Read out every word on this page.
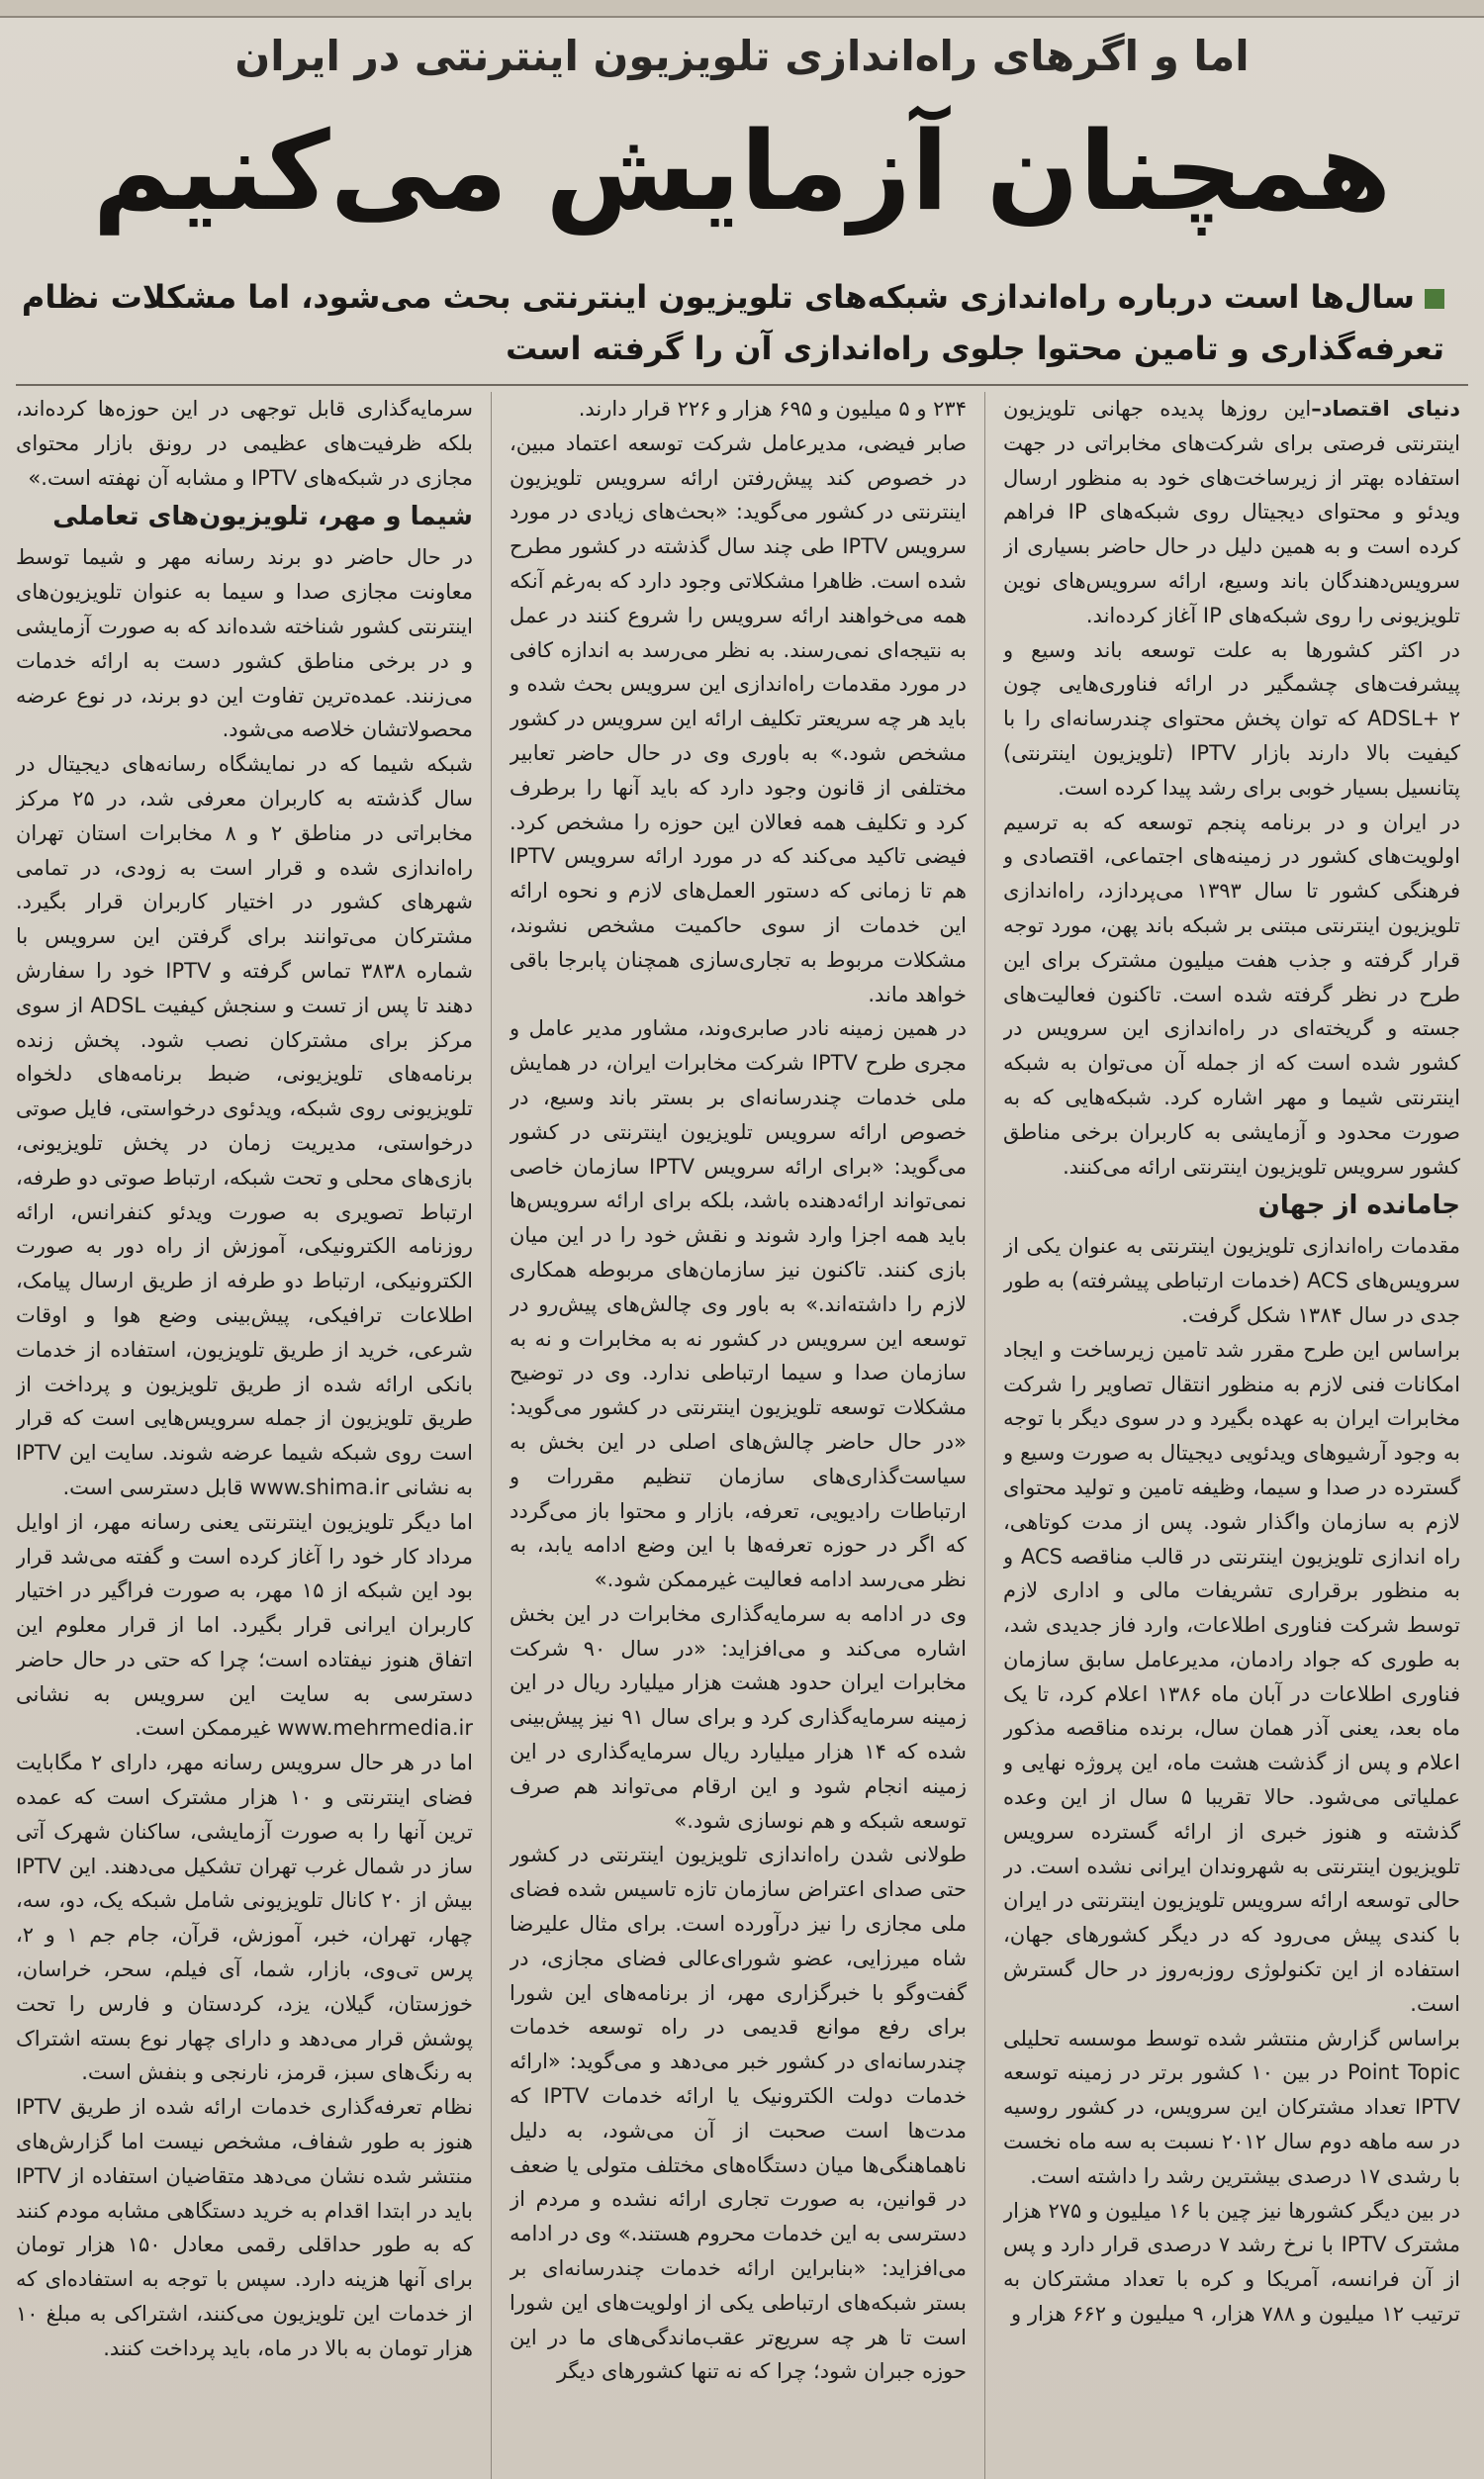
اما و اگرهای راه‌اندازی تلویزیون اینترنتی در ایران
همچنان آزمایش می‌کنیم
سال‌ها است درباره راه‌اندازی شبکه‌های تلویزیون اینترنتی بحث می‌شود، اما مشکلات نظام تعرفه‌گذاری و تامین محتوا جلوی راه‌اندازی آن را گرفته است

دنیای اقتصاد–این روزها پدیده جهانی تلویزیون اینترنتی فرصتی برای شرکت‌های مخابراتی در جهت استفاده بهتر از زیرساخت‌های خود به منظور ارسال ویدئو و محتوای دیجیتال روی شبکه‌های IP فراهم کرده است و به همین دلیل در حال حاضر بسیاری از سرویس‌دهندگان باند وسیع، ارائه سرویس‌های نوین تلویزیونی را روی شبکه‌های IP آغاز کرده‌اند.

در اکثر کشورها به علت توسعه باند وسیع و پیشرفت‌های چشمگیر در ارائه فناوری‌هایی چون ADSL+ ۲ که توان پخش محتوای چندرسانه‌ای را با کیفیت بالا دارند بازار IPTV (تلویزیون اینترنتی) پتانسیل بسیار خوبی برای رشد پیدا کرده است.

در ایران و در برنامه پنجم توسعه که به ترسیم اولویت‌های کشور در زمینه‌های اجتماعی، اقتصادی و فرهنگی کشور تا سال ۱۳۹۳ می‌پردازد، راه‌اندازی تلویزیون اینترنتی مبتنی بر شبکه باند پهن، مورد توجه قرار گرفته و جذب هفت میلیون مشترک برای این طرح در نظر گرفته شده است. تاکنون فعالیت‌های جسته و گریخته‌ای در راه‌اندازی این سرویس در کشور شده است که از جمله آن می‌توان به شبکه اینترنتی شیما و مهر اشاره کرد. شبکه‌هایی که به صورت محدود و آزمایشی به کاربران برخی مناطق کشور سرویس تلویزیون اینترنتی ارائه می‌کنند.

جامانده از جهان

مقدمات راه‌اندازی تلویزیون اینترنتی به عنوان یکی از سرویس‌های ACS (خدمات ارتباطی پیشرفته) به طور جدی در سال ۱۳۸۴ شکل گرفت.

براساس این طرح مقرر شد تامین زیرساخت و ایجاد امکانات فنی لازم به منظور انتقال تصاویر را شرکت مخابرات ایران به عهده بگیرد و در سوی دیگر با توجه به وجود آرشیوهای ویدئویی دیجیتال به صورت وسیع و گسترده در صدا و سیما، وظیفه تامین و تولید محتوای لازم به سازمان واگذار شود. پس از مدت کوتاهی، راه اندازی تلویزیون اینترنتی در قالب مناقصه ACS و به منظور برقراری تشریفات مالی و اداری لازم توسط شرکت فناوری اطلاعات، وارد فاز جدیدی شد، به طوری که جواد رادمان، مدیرعامل سابق سازمان فناوری اطلاعات در آبان ماه ۱۳۸۶ اعلام کرد، تا یک ماه بعد، یعنی آذر همان سال، برنده مناقصه مذکور اعلام و پس از گذشت هشت ماه، این پروژه نهایی و عملیاتی می‌شود. حالا تقریبا ۵ سال از این وعده گذشته و هنوز خبری از ارائه گسترده سرویس تلویزیون اینترنتی به شهروندان ایرانی نشده است. در حالی توسعه ارائه سرویس تلویزیون اینترنتی در ایران با کندی پیش می‌رود که در دیگر کشورهای جهان، استفاده از این تکنولوژی روزبه‌روز در حال گسترش است.

براساس گزارش منتشر شده توسط موسسه تحلیلی Point Topic در بین ۱۰ کشور برتر در زمینه توسعه IPTV تعداد مشترکان این سرویس، در کشور روسیه در سه ماهه دوم سال ۲۰۱۲ نسبت به سه ماه نخست با رشدی ۱۷ درصدی بیشترین رشد را داشته است.

در بین دیگر کشورها نیز چین با ۱۶ میلیون و ۲۷۵ هزار مشترک IPTV با نرخ رشد ۷ درصدی قرار دارد و پس از آن فرانسه، آمریکا و کره با تعداد مشترکان به ترتیب ۱۲ میلیون و ۷۸۸ هزار، ۹ میلیون و ۶۶۲ هزار و

۲۳۴ و ۵ میلیون و ۶۹۵ هزار و ۲۲۶ قرار دارند.

صابر فیضی، مدیرعامل شرکت توسعه اعتماد مبین، در خصوص کند پیش‌رفتن ارائه سرویس تلویزیون اینترنتی در کشور می‌گوید: «بحث‌های زیادی در مورد سرویس IPTV طی چند سال گذشته در کشور مطرح شده است. ظاهرا مشکلاتی وجود دارد که به‌رغم آنکه همه می‌خواهند ارائه سرویس را شروع کنند در عمل به نتیجه‌ای نمی‌رسند. به نظر می‌رسد به اندازه کافی در مورد مقدمات راه‌اندازی این سرویس بحث شده و باید هر چه سریعتر تکلیف ارائه این سرویس در کشور مشخص شود.» به باوری وی در حال حاضر تعابیر مختلفی از قانون وجود دارد که باید آنها را برطرف کرد و تکلیف همه فعالان این حوزه را مشخص کرد. فیضی تاکید می‌کند که در مورد ارائه سرویس IPTV هم تا زمانی که دستور العمل‌های لازم و نحوه ارائه این خدمات از سوی حاکمیت مشخص نشوند، مشکلات مربوط به تجاری‌سازی همچنان پابرجا باقی خواهد ماند.

در همین زمینه نادر صابری‌وند، مشاور مدیر عامل و مجری طرح IPTV شرکت مخابرات ایران، در همایش ملی خدمات چندرسانه‌ای بر بستر باند وسیع، در خصوص ارائه سرویس تلویزیون اینترنتی در کشور می‌گوید: «برای ارائه سرویس IPTV سازمان خاصی نمی‌تواند ارائه‌دهنده باشد، بلکه برای ارائه سرویس‌ها باید همه اجزا وارد شوند و نقش خود را در این میان بازی کنند. تاکنون نیز سازمان‌های مربوطه همکاری لازم را داشته‌اند.» به باور وی چالش‌های پیش‌رو در توسعه این سرویس در کشور نه به مخابرات و نه به سازمان صدا و سیما ارتباطی ندارد. وی در توضیح مشکلات توسعه تلویزیون اینترنتی در کشور می‌گوید: «در حال حاضر چالش‌های اصلی در این بخش به سیاست‌گذاری‌های سازمان تنظیم مقررات و ارتباطات رادیویی، تعرفه، بازار و محتوا باز می‌گردد که اگر در حوزه تعرفه‌ها با این وضع ادامه یابد، به نظر می‌رسد ادامه فعالیت غیرممکن شود.»

وی در ادامه به سرمایه‌گذاری مخابرات در این بخش اشاره می‌کند و می‌افزاید: «در سال ۹۰ شرکت مخابرات ایران حدود هشت هزار میلیارد ریال در این زمینه سرمایه‌گذاری کرد و برای سال ۹۱ نیز پیش‌بینی شده که ۱۴ هزار میلیارد ریال سرمایه‌گذاری در این زمینه انجام شود و این ارقام می‌تواند هم صرف توسعه شبکه و هم نوسازی شود.»

طولانی شدن راه‌اندازی تلویزیون اینترنتی در کشور حتی صدای اعتراض سازمان تازه تاسیس شده فضای ملی مجازی را نیز درآورده است. برای مثال علیرضا شاه میرزایی، عضو شورای‌عالی فضای مجازی، در گفت‌وگو با خبرگزاری مهر، از برنامه‌های این شورا برای رفع موانع قدیمی در راه توسعه خدمات چندرسانه‌ای در کشور خبر می‌دهد و می‌گوید: «ارائه خدمات دولت الکترونیک یا ارائه خدمات IPTV که مدت‌ها است صحبت از آن می‌شود، به دلیل ناهماهنگی‌ها میان دستگاه‌های مختلف متولی یا ضعف در قوانین، به صورت تجاری ارائه نشده و مردم از دسترسی به این خدمات محروم هستند.» وی در ادامه می‌افزاید: «بنابراین ارائه خدمات چندرسانه‌ای بر بستر شبکه‌های ارتباطی یکی از اولویت‌های این شورا است تا هر چه سریع‌تر عقب‌ماندگی‌های ما در این حوزه جبران شود؛ چرا که نه تنها کشورهای دیگر

سرمایه‌گذاری قابل توجهی در این حوزه‌ها کرده‌اند، بلکه ظرفیت‌های عظیمی در رونق بازار محتوای مجازی در شبکه‌های IPTV و مشابه آن نهفته است.»

شیما و مهر، تلویزیون‌های تعاملی

در حال حاضر دو برند رسانه مهر و شیما توسط معاونت مجازی صدا و سیما به عنوان تلویزیون‌های اینترنتی کشور شناخته شده‌اند که به صورت آزمایشی و در برخی مناطق کشور دست به ارائه خدمات می‌زنند. عمده‌ترین تفاوت این دو برند، در نوع عرضه محصولاتشان خلاصه می‌شود.

شبکه شیما که در نمایشگاه رسانه‌های دیجیتال در سال گذشته به کاربران معرفی شد، در ۲۵ مرکز مخابراتی در مناطق ۲ و ۸ مخابرات استان تهران راه‌اندازی شده و قرار است به زودی، در تمامی شهرهای کشور در اختیار کاربران قرار بگیرد. مشترکان می‌توانند برای گرفتن این سرویس با شماره ۳۸۳۸ تماس گرفته و IPTV خود را سفارش دهند تا پس از تست و سنجش کیفیت ADSL از سوی مرکز برای مشترکان نصب شود. پخش زنده برنامه‌های تلویزیونی، ضبط برنامه‌های دلخواه تلویزیونی روی شبکه، ویدئوی درخواستی، فایل صوتی درخواستی، مدیریت زمان در پخش تلویزیونی، بازی‌های محلی و تحت شبکه، ارتباط صوتی دو طرفه، ارتباط تصویری به صورت ویدئو کنفرانس، ارائه روزنامه الکترونیکی، آموزش از راه دور به صورت الکترونیکی، ارتباط دو طرفه از طریق ارسال پیامک، اطلاعات ترافیکی، پیش‌بینی وضع هوا و اوقات شرعی، خرید از طریق تلویزیون، استفاده از خدمات بانکی ارائه شده از طریق تلویزیون و پرداخت از طریق تلویزیون از جمله سرویس‌هایی است که قرار است روی شبکه شیما عرضه شوند. سایت این IPTV به نشانی www.shima.ir قابل دسترسی است.

اما دیگر تلویزیون اینترنتی یعنی رسانه مهر، از اوایل مرداد کار خود را آغاز کرده است و گفته می‌شد قرار بود این شبکه از ۱۵ مهر، به صورت فراگیر در اختیار کاربران ایرانی قرار بگیرد. اما از قرار معلوم این اتفاق هنوز نیفتاده است؛ چرا که حتی در حال حاضر دسترسی به سایت این سرویس به نشانی www.mehrmedia.ir غیرممکن است.

اما در هر حال سرویس رسانه مهر، دارای ۲ مگابایت فضای اینترنتی و ۱۰ هزار مشترک است که عمده ترین آنها را به صورت آزمایشی، ساکنان شهرک آتی ساز در شمال غرب تهران تشکیل می‌دهند. این IPTV بیش از ۲۰ کانال تلویزیونی شامل شبکه یک، دو، سه، چهار، تهران، خبر، آموزش، قرآن، جام جم ۱ و ۲، پرس تی‌وی، بازار، شما، آی فیلم، سحر، خراسان، خوزستان، گیلان، یزد، کردستان و فارس را تحت پوشش قرار می‌دهد و دارای چهار نوع بسته اشتراک به رنگ‌های سبز، قرمز، نارنجی و بنفش است.

نظام تعرفه‌گذاری خدمات ارائه شده از طریق IPTV هنوز به طور شفاف، مشخص نیست اما گزارش‌های منتشر شده نشان می‌دهد متقاضیان استفاده از IPTV باید در ابتدا اقدام به خرید دستگاهی مشابه مودم کنند که به طور حداقلی رقمی معادل ۱۵۰ هزار تومان برای آنها هزینه دارد. سپس با توجه به استفاده‌ای که از خدمات این تلویزیون می‌کنند، اشتراکی به مبلغ ۱۰ هزار تومان به بالا در ماه، باید پرداخت کنند.
